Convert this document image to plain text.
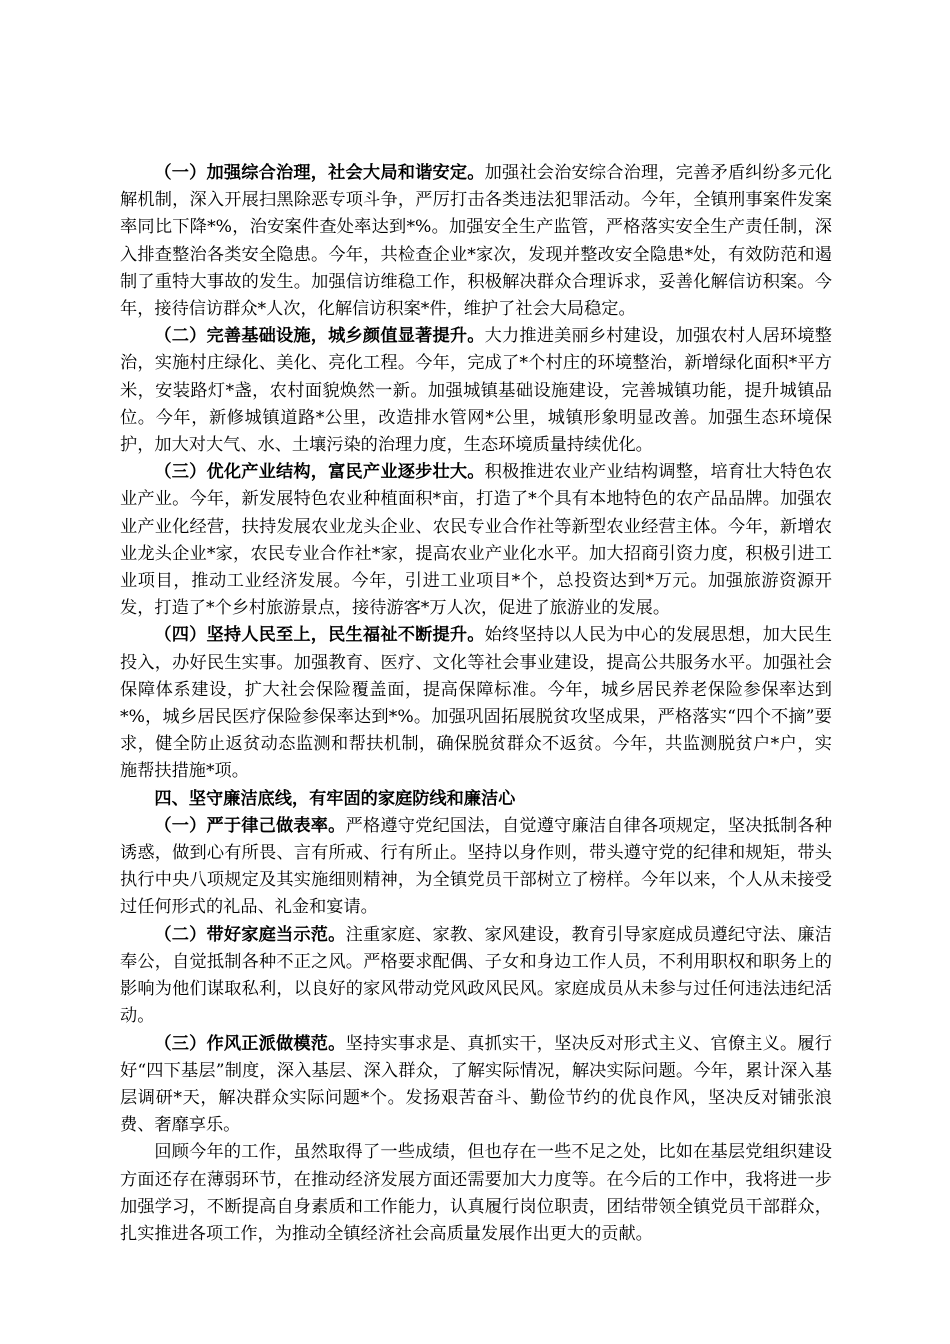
（一）加强综合治理，社会大局和谐安定。加强社会治安综合治理，完善矛盾纠纷多元化解机制，深入开展扫黑除恶专项斗争，严厉打击各类违法犯罪活动。今年，全镇刑事案件发案率同比下降*%，治安案件查处率达到*%。加强安全生产监管，严格落实安全生产责任制，深入排查整治各类安全隐患。今年，共检查企业*家次，发现并整改安全隐患*处，有效防范和遏制了重特大事故的发生。加强信访维稳工作，积极解决群众合理诉求，妥善化解信访积案。今年，接待信访群众*人次，化解信访积案*件，维护了社会大局稳定。

（二）完善基础设施，城乡颜值显著提升。大力推进美丽乡村建设，加强农村人居环境整治，实施村庄绿化、美化、亮化工程。今年，完成了*个村庄的环境整治，新增绿化面积*平方米，安装路灯*盏，农村面貌焕然一新。加强城镇基础设施建设，完善城镇功能，提升城镇品位。今年，新修城镇道路*公里，改造排水管网*公里，城镇形象明显改善。加强生态环境保护，加大对大气、水、土壤污染的治理力度，生态环境质量持续优化。

（三）优化产业结构，富民产业逐步壮大。积极推进农业产业结构调整，培育壮大特色农业产业。今年，新发展特色农业种植面积*亩，打造了*个具有本地特色的农产品品牌。加强农业产业化经营，扶持发展农业龙头企业、农民专业合作社等新型农业经营主体。今年，新增农业龙头企业*家，农民专业合作社*家，提高农业产业化水平。加大招商引资力度，积极引进工业项目，推动工业经济发展。今年，引进工业项目*个，总投资达到*万元。加强旅游资源开发，打造了*个乡村旅游景点，接待游客*万人次，促进了旅游业的发展。

（四）坚持人民至上，民生福祉不断提升。始终坚持以人民为中心的发展思想，加大民生投入，办好民生实事。加强教育、医疗、文化等社会事业建设，提高公共服务水平。加强社会保障体系建设，扩大社会保险覆盖面，提高保障标准。今年，城乡居民养老保险参保率达到*%，城乡居民医疗保险参保率达到*%。加强巩固拓展脱贫攻坚成果，严格落实“四个不摘”要求，健全防止返贫动态监测和帮扶机制，确保脱贫群众不返贫。今年，共监测脱贫户*户，实施帮扶措施*项。

四、坚守廉洁底线，有牢固的家庭防线和廉洁心

（一）严于律己做表率。严格遵守党纪国法，自觉遵守廉洁自律各项规定，坚决抵制各种诱惑，做到心有所畏、言有所戒、行有所止。坚持以身作则，带头遵守党的纪律和规矩，带头执行中央八项规定及其实施细则精神，为全镇党员干部树立了榜样。今年以来，个人从未接受过任何形式的礼品、礼金和宴请。

（二）带好家庭当示范。注重家庭、家教、家风建设，教育引导家庭成员遵纪守法、廉洁奉公，自觉抵制各种不正之风。严格要求配偶、子女和身边工作人员，不利用职权和职务上的影响为他们谋取私利，以良好的家风带动党风政风民风。家庭成员从未参与过任何违法违纪活动。

（三）作风正派做模范。坚持实事求是、真抓实干，坚决反对形式主义、官僚主义。履行好“四下基层”制度，深入基层、深入群众，了解实际情况，解决实际问题。今年，累计深入基层调研*天，解决群众实际问题*个。发扬艰苦奋斗、勤俭节约的优良作风，坚决反对铺张浪费、奢靡享乐。

回顾今年的工作，虽然取得了一些成绩，但也存在一些不足之处，比如在基层党组织建设方面还存在薄弱环节，在推动经济发展方面还需要加大力度等。在今后的工作中，我将进一步加强学习，不断提高自身素质和工作能力，认真履行岗位职责，团结带领全镇党员干部群众，扎实推进各项工作，为推动全镇经济社会高质量发展作出更大的贡献。
